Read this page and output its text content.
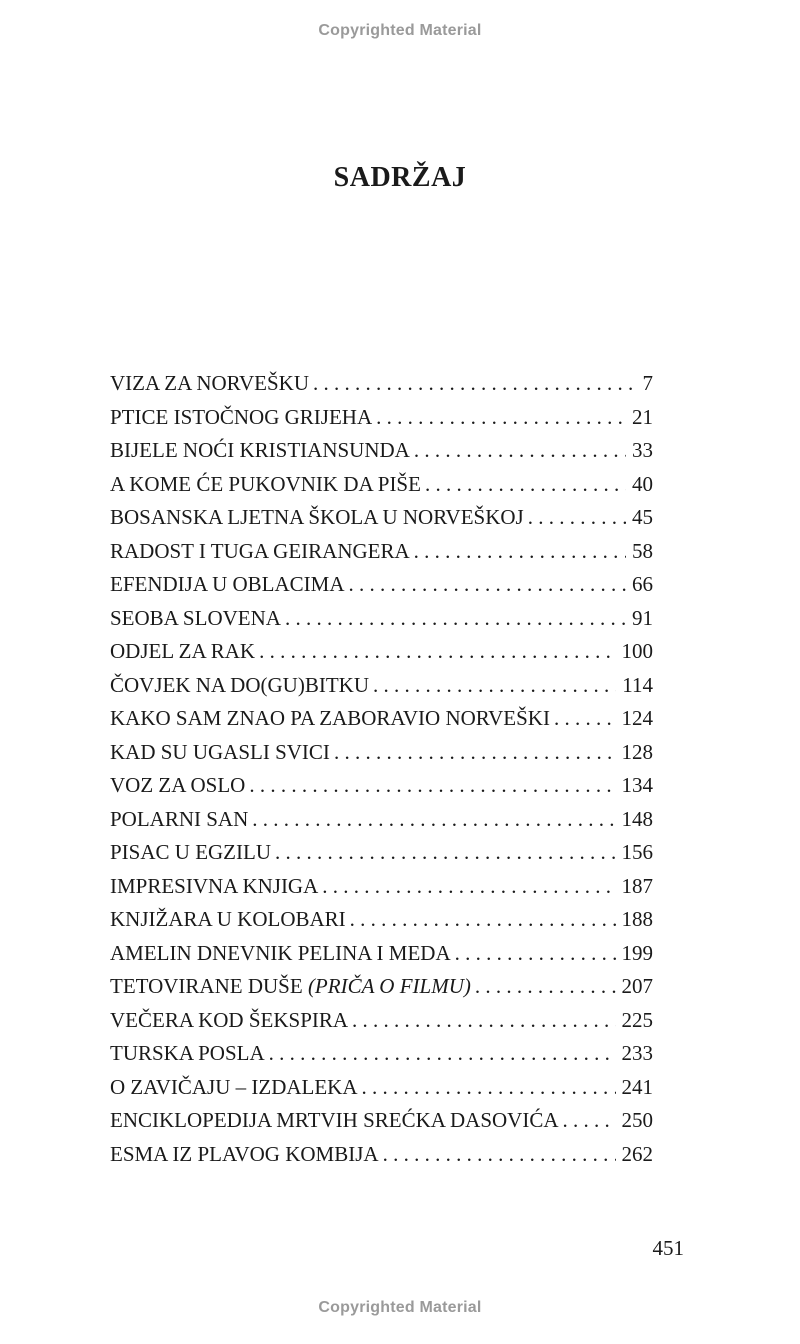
Copyrighted Material
SADRŽAJ
VIZA ZA NORVEŠKU . . .	7
PTICE ISTOČNOG GRIJEHA . . .	21
BIJELE NOĆI KRISTIANSUNDA . . .	33
A KOME ĆE PUKOVNIK DA PIŠE . . .	40
BOSANSKA LJETNA ŠKOLA U NORVEŠKOJ . . .	45
RADOST I TUGA GEIRANGERA . . .	58
EFENDIJA U OBLACIMA . . .	66
SEOBA SLOVENA . . .	91
ODJEL ZA RAK . . .	100
ČOVJEK NA DO(GU)BITKU . . .	114
KAKO SAM ZNAO PA ZABORAVIO NORVEŠKI . . .	124
KAD SU UGASLI SVICI . . .	128
VOZ ZA OSLO . . .	134
POLARNI SAN . . .	148
PISAC U EGZILU . . .	156
IMPRESIVNA KNJIGA . . .	187
KNJIŽARA U KOLOBARI . . .	188
AMELIN DNEVNIK PELINA I MEDA . . .	199
TETOVIRANE DUŠE (PRIČA O FILMU) . . .	207
VEČERA KOD ŠEKSPIRA . . .	225
TURSKA POSLA . . .	233
O ZAVIČAJU – IZDALEKA . . .	241
ENCIKLOPEDIJA MRTVIH SREĆKA DASOVIĆA . . .	250
ESMA IZ PLAVOG KOMBIJA . . .	262
451
Copyrighted Material
